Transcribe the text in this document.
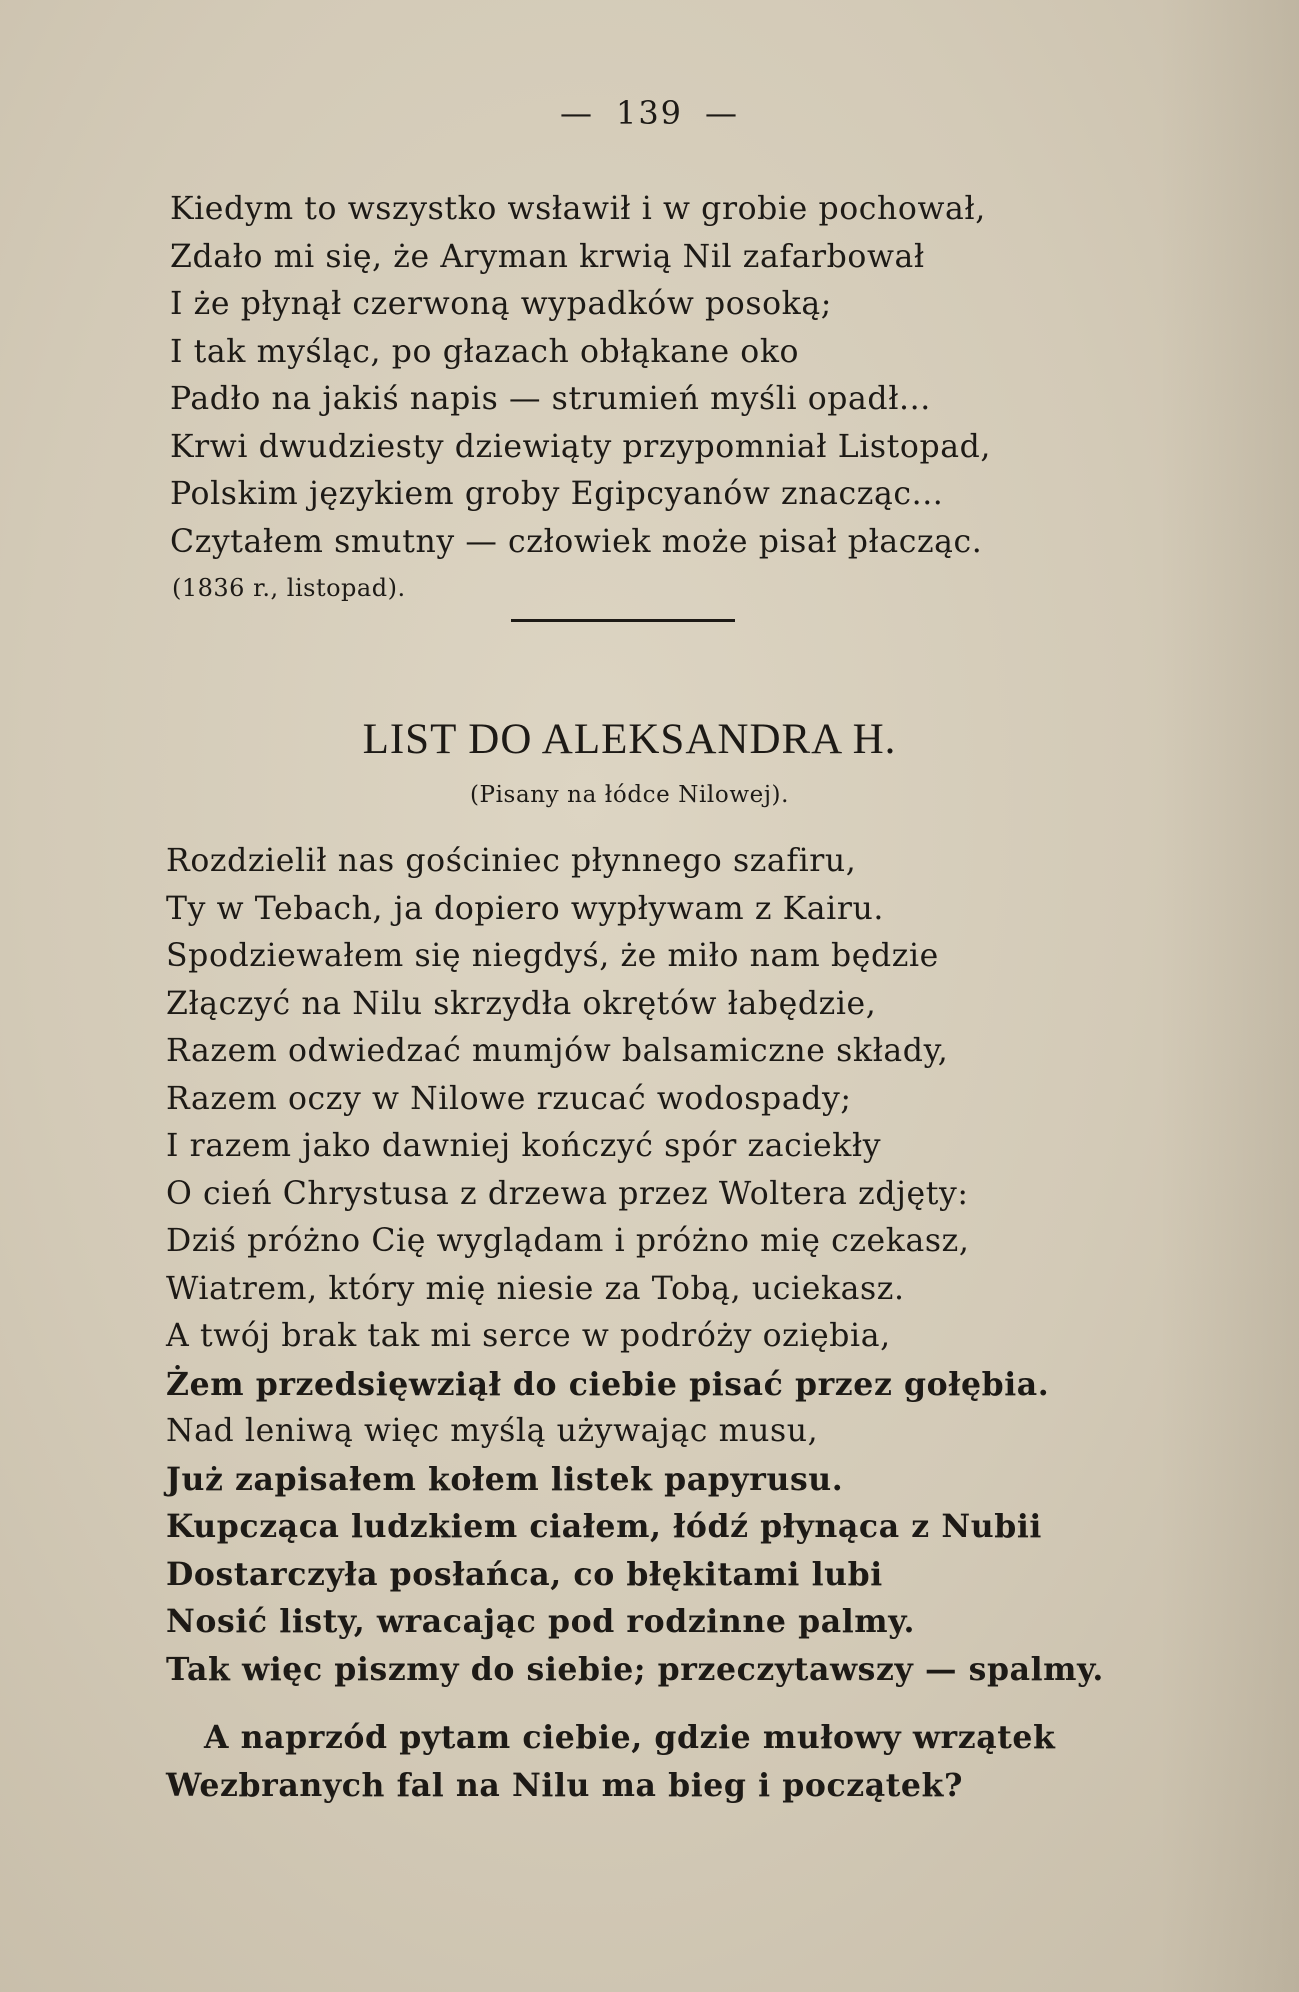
— 139 —
Kiedym to wszystko wsławił i w grobie pochował,
Zdało mi się, że Aryman krwią Nil zafarbował
I że płynął czerwoną wypadków posoką;
I tak myśląc, po głazach obłąkane oko
Padło na jakiś napis — strumień myśli opadł...
Krwi dwudziesty dziewiąty przypomniał Listopad,
Polskim językiem groby Egipcyanów znacząc...
Czytałem smutny — człowiek może pisał płacząc.
(1836 r., listopad).
LIST DO ALEKSANDRA H.
(Pisany na łódce Nilowej).
Rozdzielił nas gościniec płynnego szafiru,
Ty w Tebach, ja dopiero wypływam z Kairu.
Spodziewałem się niegdyś, że miło nam będzie
Złączyć na Nilu skrzydła okrętów łabędzie,
Razem odwiedzać mumjów balsamiczne składy,
Razem oczy w Nilowe rzucać wodospady;
I razem jako dawniej kończyć spór zaciekły
O cień Chrystusa z drzewa przez Woltera zdjęty:
Dziś próżno Cię wyglądam i próżno mię czekasz,
Wiatrem, który mię niesie za Tobą, uciekasz.
A twój brak tak mi serce w podróży oziębia,
Żem przedsięwziął do ciebie pisać przez gołębia.
Nad leniwą więc myślą używając musu,
Już zapisałem kołem listek papyrusu.
Kupcząca ludzkiem ciałem, łódź płynąca z Nubii
Dostarczyła posłańca, co błękitami lubi
Nosić listy, wracając pod rodzinne palmy.
Tak więc piszmy do siebie; przeczytawszy — spalmy.
A naprzód pytam ciebie, gdzie mułowy wrzątek
Wezbranych fal na Nilu ma bieg i początek?
